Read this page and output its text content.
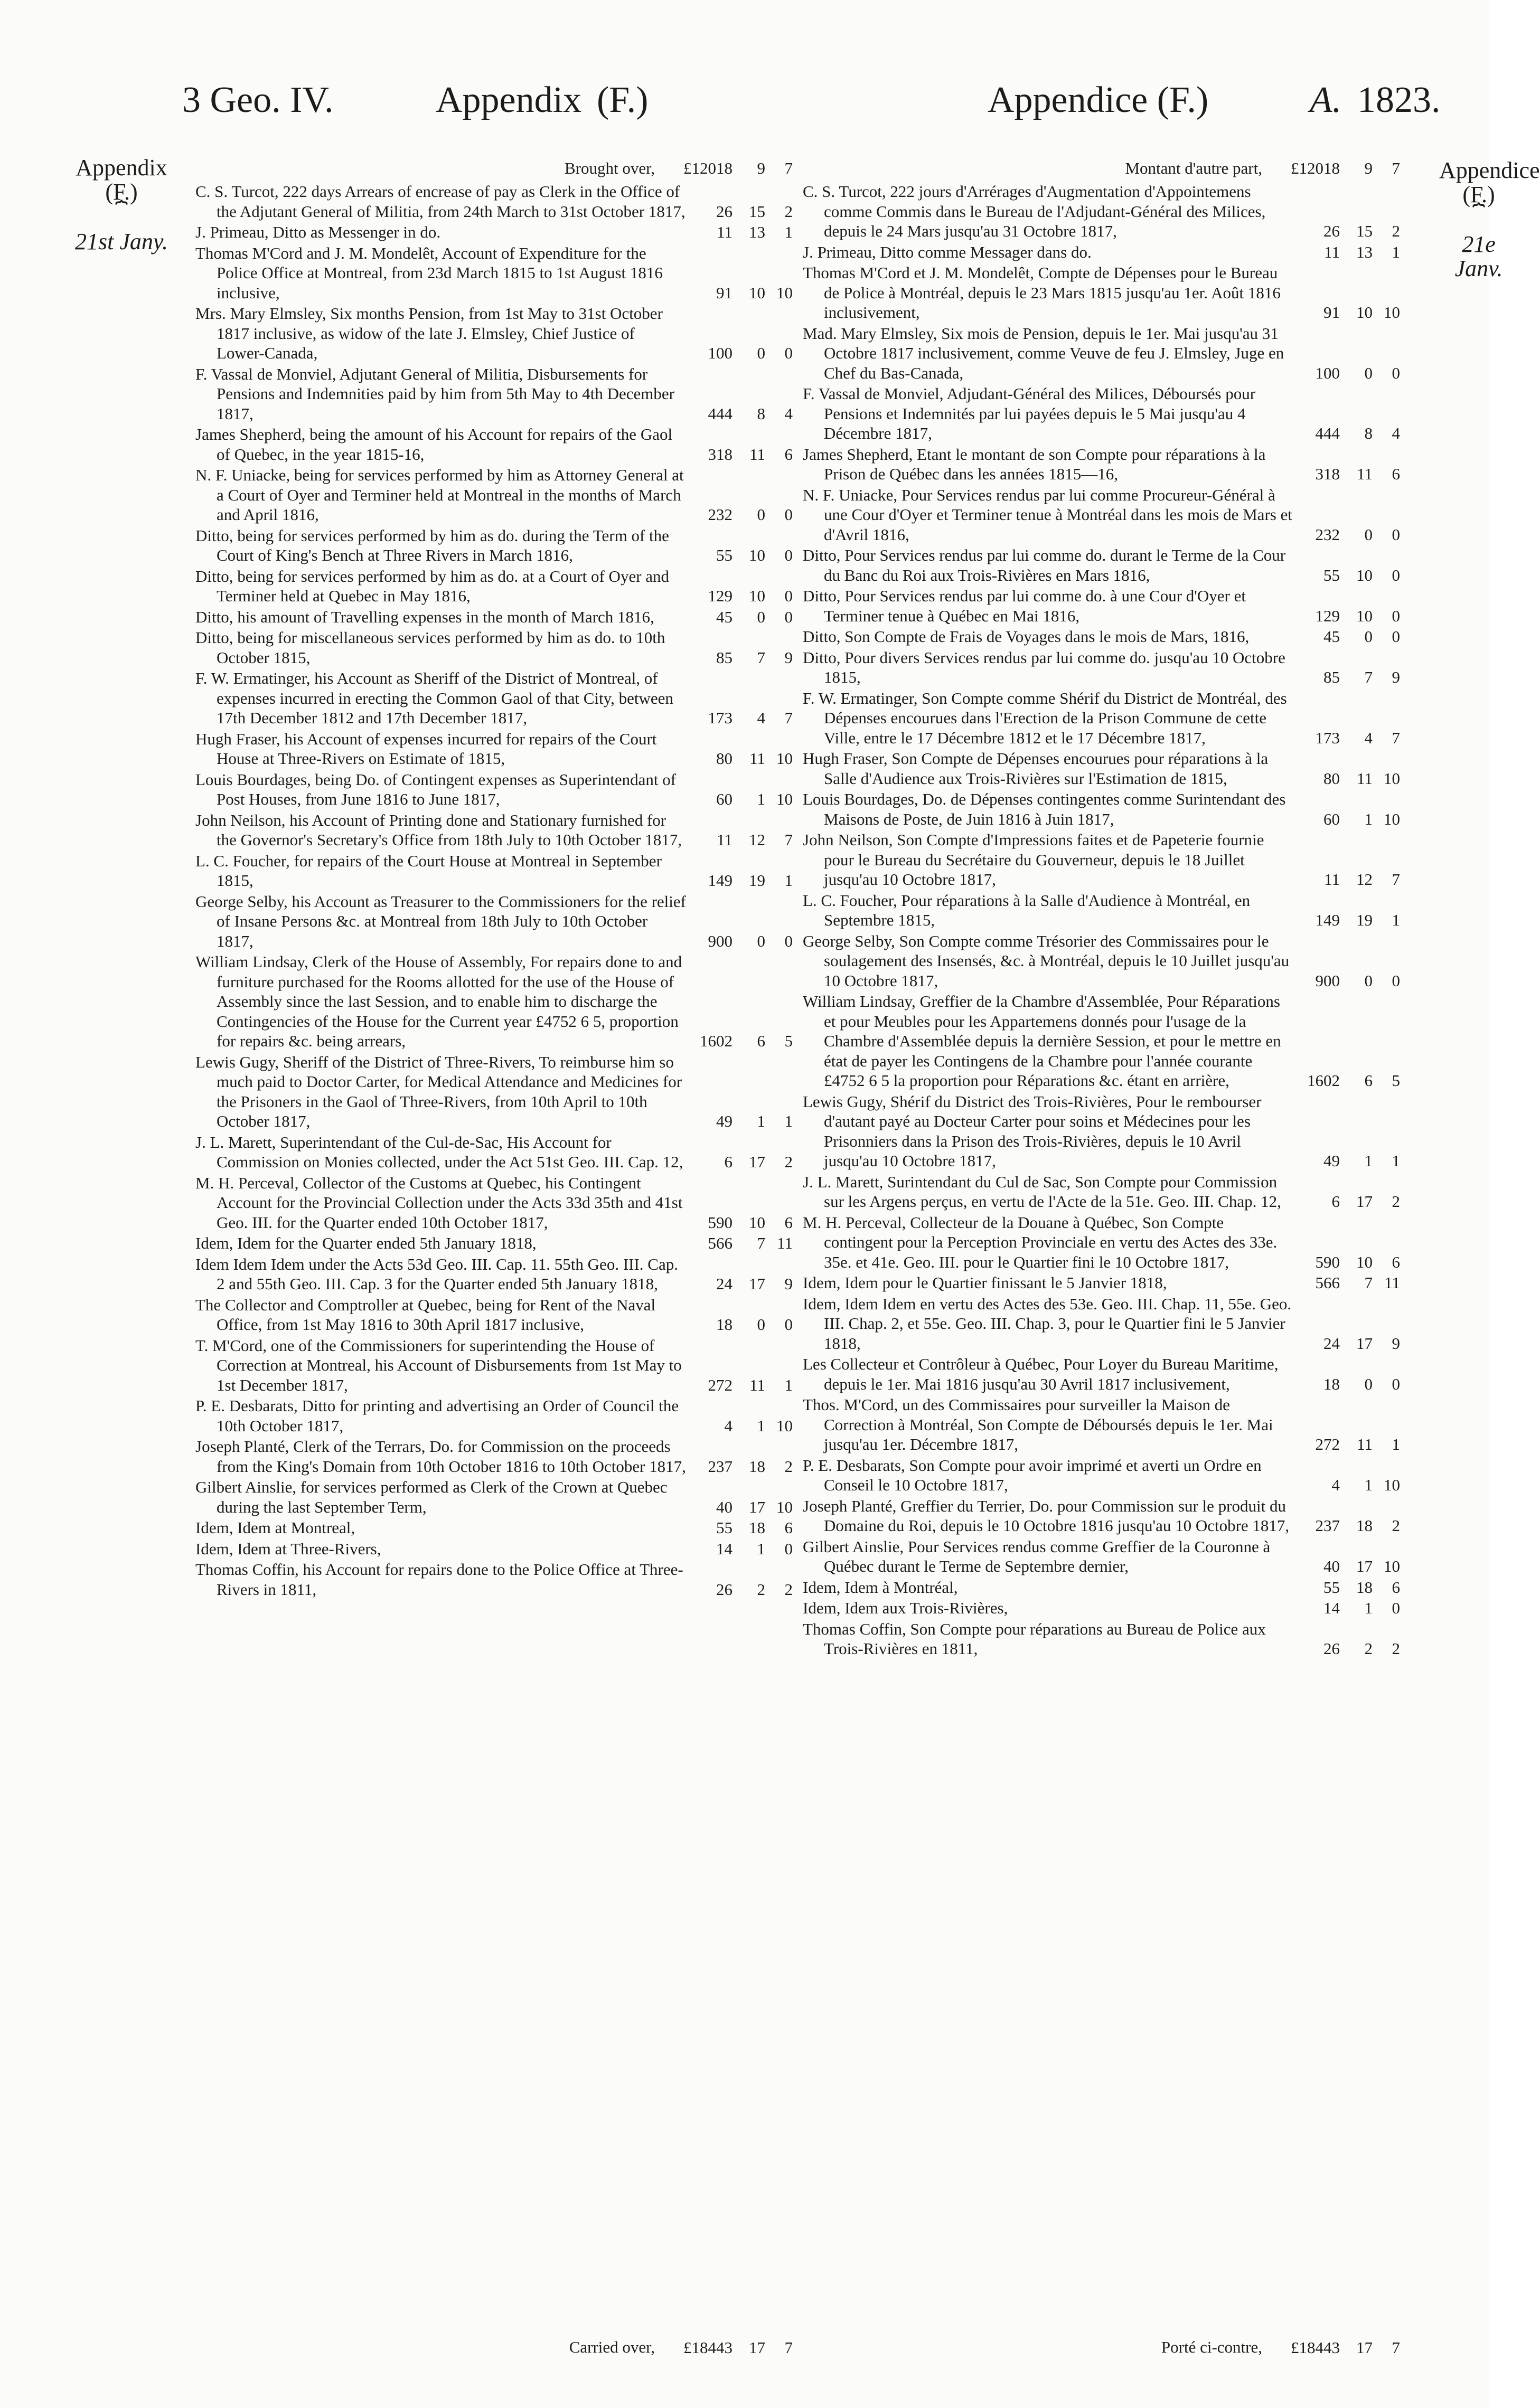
3 Geo. IV.	Appendix (F.)	Appendice (F.)	A. 1823.
Appendix
(F.)
⏞
21st Jany.
Appendice
(F.)
⏞
21e Janv.
Brought over,	£12018	9	7
C. S. Turcot, 222 days Arrears of encrease of pay as Clerk in the Office of the Adjutant General of Militia, from 24th March to 31st October 1817,	26	15	2
J. Primeau, Ditto as Messenger in do.	11	13	1
Thomas M'Cord and J. M. Mondelêt, Account of Expenditure for the Police Office at Montreal, from 23d March 1815 to 1st August 1816 inclusive,	91	10 10
Mrs. Mary Elmsley, Six months Pension, from 1st May to 31st October 1817 inclusive, as widow of the late J. Elmsley, Chief Justice of Lower-Canada,	100	0	0
F. Vassal de Monviel, Adjutant General of Militia, Disbursements for Pensions and Indemnities paid by him from 5th May to 4th December 1817,	444	8	4
James Shepherd, being the amount of his Account for repairs of the Gaol of Quebec, in the year 1815-16,	318	11	6
N. F. Uniacke, being for services performed by him as Attorney General at a Court of Oyer and Terminer held at Montreal in the months of March and April 1816,	232	0	0
Ditto, being for services performed by him as do. during the Term of the Court of King's Bench at Three Rivers in March 1816,	55	10	0
Ditto, being for services performed by him as do. at a Court of Oyer and Terminer held at Quebec in May 1816,	129	10	0
Ditto, his amount of Travelling expenses in the month of March 1816,	45	0	0
Ditto, being for miscellaneous services performed by him as do. to 10th October 1815,	85	7	9
F. W. Ermatinger, his Account as Sheriff of the District of Montreal, of expenses incurred in erecting the Common Gaol of that City, between 17th December 1812 and 17th December 1817,	173	4	7
Hugh Fraser, his Account of expenses incurred for repairs of the Court House at Three-Rivers on Estimate of 1815,	80	11 10
Louis Bourdages, being Do. of Contingent expenses as Superintendant of Post Houses, from June 1816 to June 1817,	60	1 10
John Neilson, his Account of Printing done and Stationary furnished for the Governor's Secretary's Office from 18th July to 10th October 1817,	11	12	7
L. C. Foucher, for repairs of the Court House at Montreal in September 1815,	149	19	1
George Selby, his Account as Treasurer to the Commissioners for the relief of Insane Persons &c. at Montreal from 18th July to 10th October 1817,	900	0	0
William Lindsay, Clerk of the House of Assembly, For repairs done to and furniture purchased for the Rooms allotted for the use of the House of Assembly since the last Session, and to enable him to discharge the Contingencies of the House for the Current year £4752 6 5, proportion for repairs &c. being arrears,	1602	6	5
Lewis Gugy, Sheriff of the District of Three-Rivers, To reimburse him so much paid to Doctor Carter, for Medical Attendance and Medicines for the Prisoners in the Gaol of Three-Rivers, from 10th April to 10th October 1817,	49	1	1
J. L. Marett, Superintendant of the Cul-de-Sac, His Account for Commission on Monies collected, under the Act 51st Geo. III. Cap. 12,	6	17	2
M. H. Perceval, Collector of the Customs at Quebec, his Contingent Account for the Provincial Collection under the Acts 33d 35th and 41st Geo. III. for the Quarter ended 10th October 1817,	590	10	6
Idem, Idem for the Quarter ended 5th January 1818,	566	7 11
Idem Idem Idem under the Acts 53d Geo. III. Cap. 11. 55th Geo. III. Cap. 2 and 55th Geo. III. Cap. 3 for the Quarter ended 5th January 1818,	24	17	9
The Collector and Comptroller at Quebec, being for Rent of the Naval Office, from 1st May 1816 to 30th April 1817 inclusive,	18	0	0
T. M'Cord, one of the Commissioners for superintending the House of Correction at Montreal, his Account of Disbursements from 1st May to 1st December 1817,	272	11	1
P. E. Desbarats, Ditto for printing and advertising an Order of Council the 10th October 1817,	4	1 10
Joseph Planté, Clerk of the Terrars, Do. for Commission on the proceeds from the King's Domain from 10th October 1816 to 10th October 1817,	237	18	2
Gilbert Ainslie, for services performed as Clerk of the Crown at Quebec during the last September Term,	40	17 10
Idem, Idem at Montreal,	55	18	6
Idem, Idem at Three-Rivers,	14	1	0
Thomas Coffin, his Account for repairs done to the Police Office at Three-Rivers in 1811,	26	2	2
Montant d'autre part,	£12018	9	7
C. S. Turcot, 222 jours d'Arrérages d'Augmentation d'Appointemens comme Commis dans le Bureau de l'Adjudant-Général des Milices, depuis le 24 Mars jusqu'au 31 Octobre 1817,	26	15	2
J. Primeau, Ditto comme Messager dans do.	11	13	1
Thomas M'Cord et J. M. Mondelêt, Compte de Dépenses pour le Bureau de Police à Montréal, depuis le 23 Mars 1815 jusqu'au 1er. Août 1816 inclusivement,	91	10 10
Mad. Mary Elmsley, Six mois de Pension, depuis le 1er. Mai jusqu'au 31 Octobre 1817 inclusivement, comme Veuve de feu J. Elmsley, Juge en Chef du Bas-Canada,	100	0	0
F. Vassal de Monviel, Adjudant-Général des Milices, Déboursés pour Pensions et Indemnités par lui payées depuis le 5 Mai jusqu'au 4 Décembre 1817,	444	8	4
James Shepherd, Etant le montant de son Compte pour réparations à la Prison de Québec dans les années 1815—16,	318	11	6
N. F. Uniacke, Pour Services rendus par lui comme Procureur-Général à une Cour d'Oyer et Terminer tenue à Montréal dans les mois de Mars et d'Avril 1816,	232	0	0
Ditto, Pour Services rendus par lui comme do. durant le Terme de la Cour du Banc du Roi aux Trois-Rivières en Mars 1816,	55	10	0
Ditto, Pour Services rendus par lui comme do. à une Cour d'Oyer et Terminer tenue à Québec en Mai 1816,	129	10	0
Ditto, Son Compte de Frais de Voyages dans le mois de Mars, 1816,	45	0	0
Ditto, Pour divers Services rendus par lui comme do. jusqu'au 10 Octobre 1815,	85	7	9
F. W. Ermatinger, Son Compte comme Shérif du District de Montréal, des Dépenses encourues dans l'Erection de la Prison Commune de cette Ville, entre le 17 Décembre 1812 et le 17 Décembre 1817,	173	4	7
Hugh Fraser, Son Compte de Dépenses encourues pour réparations à la Salle d'Audience aux Trois-Rivières sur l'Estimation de 1815,	80	11 10
Louis Bourdages, Do. de Dépenses contingentes comme Surintendant des Maisons de Poste, de Juin 1816 à Juin 1817,	60	1 10
John Neilson, Son Compte d'Impressions faites et de Papeterie fournie pour le Bureau du Secrétaire du Gouverneur, depuis le 18 Juillet jusqu'au 10 Octobre 1817,	11	12	7
L. C. Foucher, Pour réparations à la Salle d'Audience à Montréal, en Septembre 1815,	149	19	1
George Selby, Son Compte comme Trésorier des Commissaires pour le soulagement des Insensés, &c. à Montréal, depuis le 10 Juillet jusqu'au 10 Octobre 1817,	900	0	0
William Lindsay, Greffier de la Chambre d'Assemblée, Pour Réparations et pour Meubles pour les Appartemens donnés pour l'usage de la Chambre d'Assemblée depuis la dernière Session, et pour le mettre en état de payer les Contingens de la Chambre pour l'année courante £4752 6 5 la proportion pour Réparations &c. étant en arrière,	1602	6	5
Lewis Gugy, Shérif du District des Trois-Rivières, Pour le rembourser d'autant payé au Docteur Carter pour soins et Médecines pour les Prisonniers dans la Prison des Trois-Rivières, depuis le 10 Avril jusqu'au 10 Octobre 1817,	49	1	1
J. L. Marett, Surintendant du Cul de Sac, Son Compte pour Commission sur les Argens perçus, en vertu de l'Acte de la 51e. Geo. III. Chap. 12,	6	17	2
M. H. Perceval, Collecteur de la Douane à Québec, Son Compte contingent pour la Perception Provinciale en vertu des Actes des 33e. 35e. et 41e. Geo. III. pour le Quartier fini le 10 Octobre 1817,	590	10	6
Idem, Idem pour le Quartier finissant le 5 Janvier 1818,	566	7 11
Idem, Idem Idem en vertu des Actes des 53e. Geo. III. Chap. 11, 55e. Geo. III. Chap. 2, et 55e. Geo. III. Chap. 3, pour le Quartier fini le 5 Janvier 1818,	24	17	9
Les Collecteur et Contrôleur à Québec, Pour Loyer du Bureau Maritime, depuis le 1er. Mai 1816 jusqu'au 30 Avril 1817 inclusivement,	18	0	0
Thos. M'Cord, un des Commissaires pour surveiller la Maison de Correction à Montréal, Son Compte de Déboursés depuis le 1er. Mai jusqu'au 1er. Décembre 1817,	272	11	1
P. E. Desbarats, Son Compte pour avoir imprimé et averti un Ordre en Conseil le 10 Octobre 1817,	4	1 10
Joseph Planté, Greffier du Terrier, Do. pour Commission sur le produit du Domaine du Roi, depuis le 10 Octobre 1816 jusqu'au 10 Octobre 1817,	237	18	2
Gilbert Ainslie, Pour Services rendus comme Greffier de la Couronne à Québec durant le Terme de Septembre dernier,	40	17 10
Idem, Idem à Montréal,	55	18	6
Idem, Idem aux Trois-Rivières,	14	1	0
Thomas Coffin, Son Compte pour réparations au Bureau de Police aux Trois-Rivières en 1811,	26	2	2
Carried over,	£18443	17	7	Porté ci-contre,	£18443	17	7
